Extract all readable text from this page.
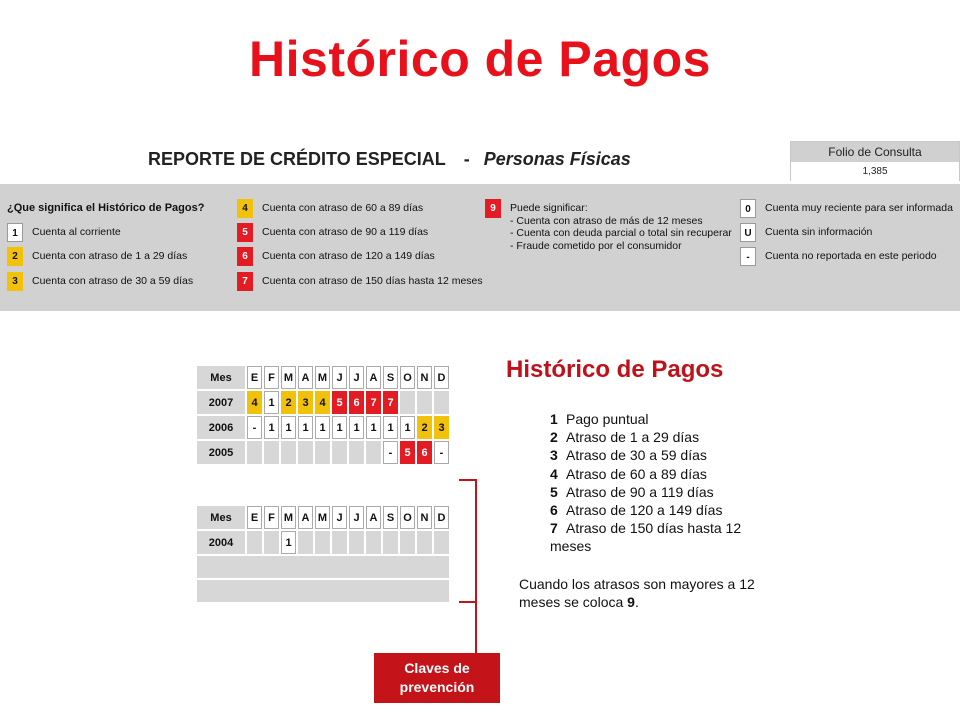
Histórico de Pagos
REPORTE DE CRÉDITO ESPECIAL - Personas Físicas	Folio de Consulta
1,385
¿Que significa el Histórico de Pagos?
1	Cuenta al corriente
2	Cuenta con atraso de 1 a 29 días
3	Cuenta con atraso de 30 a 59 días
4	Cuenta con atraso de 60 a 89 días
5	Cuenta con atraso de 90 a 119 días
6	Cuenta con atraso de 120 a 149 días
7	Cuenta con atraso de 150 días hasta 12 meses
9	Puede significar:
- Cuenta con atraso de más de 12 meses
- Cuenta con deuda parcial o total sin recuperar
- Fraude cometido por el consumidor
0	Cuenta muy reciente para ser informada
U	Cuenta sin información
-	Cuenta no reportada en este periodo
Mes	E	F	M	A	M	J	J	A	S	O	N	D
2007	4	1	2	3	4	5	6	7	7			
2006	-	1	1	1	1	1	1	1	1	1	2	3
2005									-	5	6	-
Mes	E	F	M	A	M	J	J	A	S	O	N	D
2004			1									

Claves de prevención
Histórico de Pagos
1 Pago puntual
2 Atraso de 1 a 29 días
3 Atraso de 30 a 59 días
4 Atraso de 60 a 89 días
5 Atraso de 90 a 119 días
6 Atraso de 120 a 149 días
7 Atraso de 150 días hasta 12 meses
Cuando los atrasos son mayores a 12 meses se coloca 9.
